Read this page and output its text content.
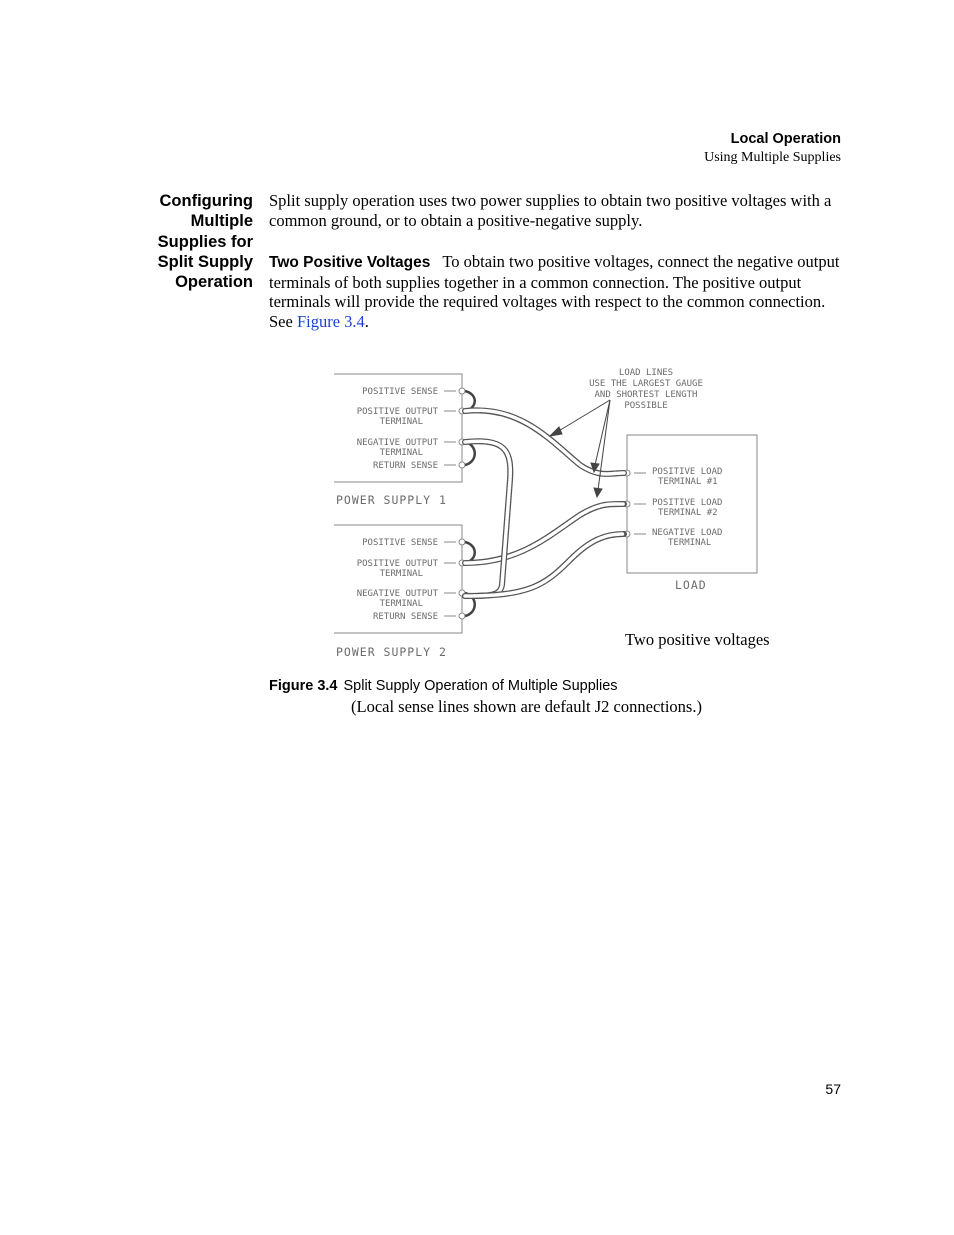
Local Operation
Using Multiple Supplies
Configuring
Multiple
Supplies for
Split Supply
Operation
Split supply operation uses two power supplies to obtain two positive voltages with a common ground, or to obtain a positive-negative supply.
Two Positive Voltages To obtain two positive voltages, connect the negative output terminals of both supplies together in a common connection. The positive output terminals will provide the required voltages with respect to the common connection. See Figure 3.4.
POSITIVE SENSE
POSITIVE OUTPUT
TERMINAL
NEGATIVE OUTPUT
TERMINAL
RETURN SENSE
POWER SUPPLY 1
POSITIVE SENSE
POSITIVE OUTPUT
TERMINAL
NEGATIVE OUTPUT
TERMINAL
RETURN SENSE
POWER SUPPLY 2
POSITIVE LOAD
TERMINAL #1
POSITIVE LOAD
TERMINAL #2
NEGATIVE LOAD
TERMINAL
LOAD
LOAD LINES
USE THE LARGEST GAUGE
AND SHORTEST LENGTH
POSSIBLE
Two positive voltages
Figure 3.4 Split Supply Operation of Multiple Supplies
(Local sense lines shown are default J2 connections.)
57
